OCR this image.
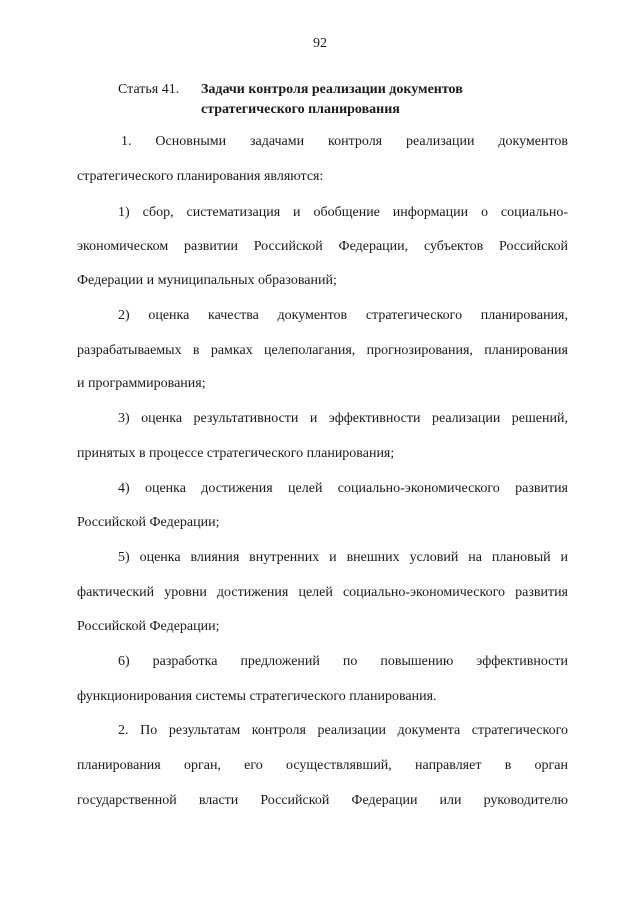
92
Статья 41. Задачи контроля реализации документов
стратегического планирования
1. Основными задачами контроля реализации документов
стратегического планирования являются:
1) сбор, систематизация и обобщение информации о социально-
экономическом развитии Российской Федерации, субъектов Российской
Федерации и муниципальных образований;
2) оценка качества документов стратегического планирования,
разрабатываемых в рамках целеполагания, прогнозирования, планирования
и программирования;
3) оценка результативности и эффективности реализации решений,
принятых в процессе стратегического планирования;
4) оценка достижения целей социально-экономического развития
Российской Федерации;
5) оценка влияния внутренних и внешних условий на плановый и
фактический уровни достижения целей социально-экономического развития
Российской Федерации;
6) разработка предложений по повышению эффективности
функционирования системы стратегического планирования.
2. По результатам контроля реализации документа стратегического
планирования орган, его осуществлявший, направляет в орган
государственной власти Российской Федерации или руководителю
